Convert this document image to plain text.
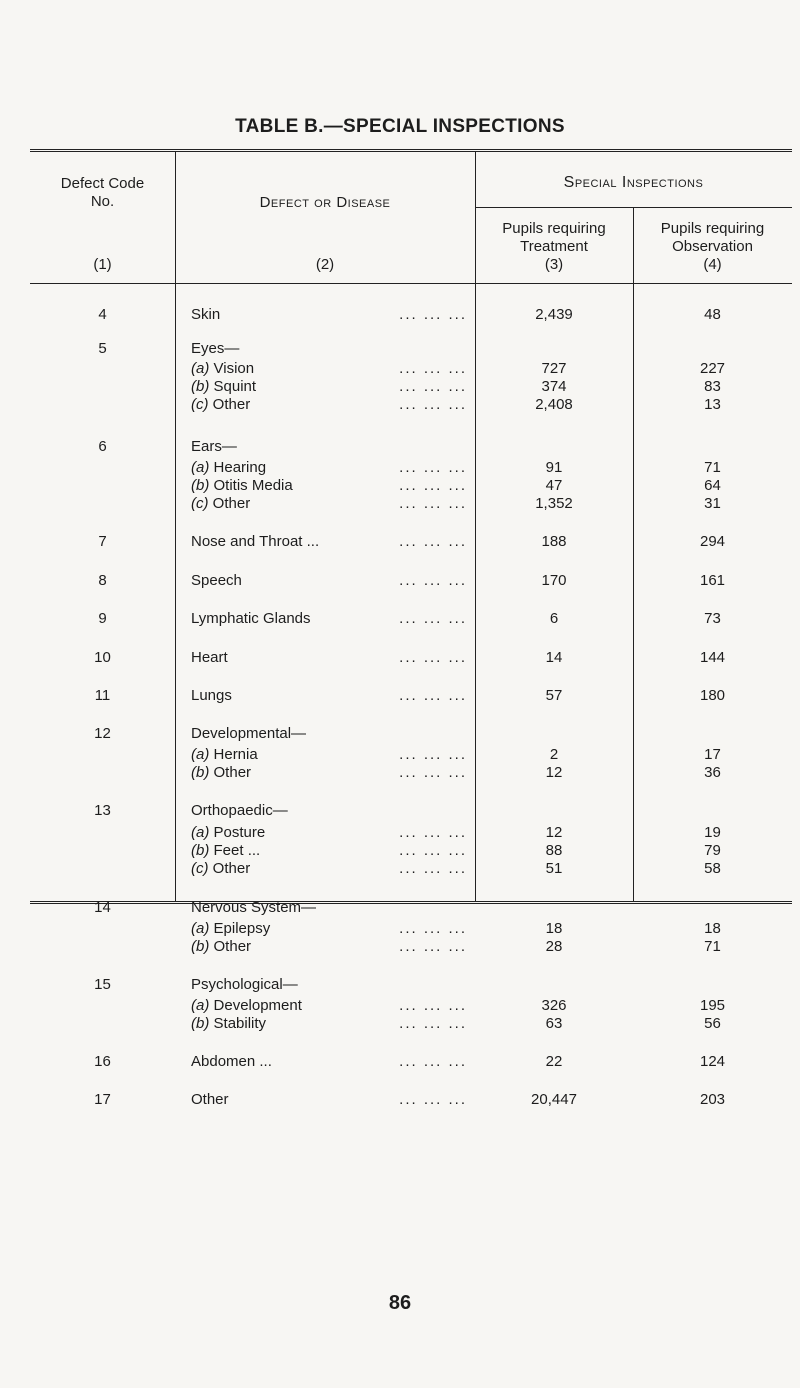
TABLE B.—SPECIAL INSPECTIONS
Defect Code No.
(1)
Defect or Disease
(2)
Special Inspections
Pupils requiring Treatment
(3)
Pupils requiring Observation
(4)
4	Skin	... ... ...	2,439	48
5	Eyes—
(a) Vision	... ... ...	727	227
(b) Squint	... ... ...	374	83
(c) Other	... ... ...	2,408	13
6	Ears—
(a) Hearing	... ... ...	91	71
(b) Otitis Media	... ... ...	47	64
(c) Other	... ... ...	1,352	31
7	Nose and Throat ...	... ... ...	188	294
8	Speech	... ... ...	170	161
9	Lymphatic Glands	... ... ...	6	73
10	Heart	... ... ...	14	144
11	Lungs	... ... ...	57	180
12	Developmental—
(a) Hernia	... ... ...	2	17
(b) Other	... ... ...	12	36
13	Orthopaedic—
(a) Posture	... ... ...	12	19
(b) Feet ...	... ... ...	88	79
(c) Other	... ... ...	51	58
14	Nervous System—
(a) Epilepsy	... ... ...	18	18
(b) Other	... ... ...	28	71
15	Psychological—
(a) Development	... ... ...	326	195
(b) Stability	... ... ...	63	56
16	Abdomen ...	... ... ...	22	124
17	Other	... ... ...	20,447	203
86
